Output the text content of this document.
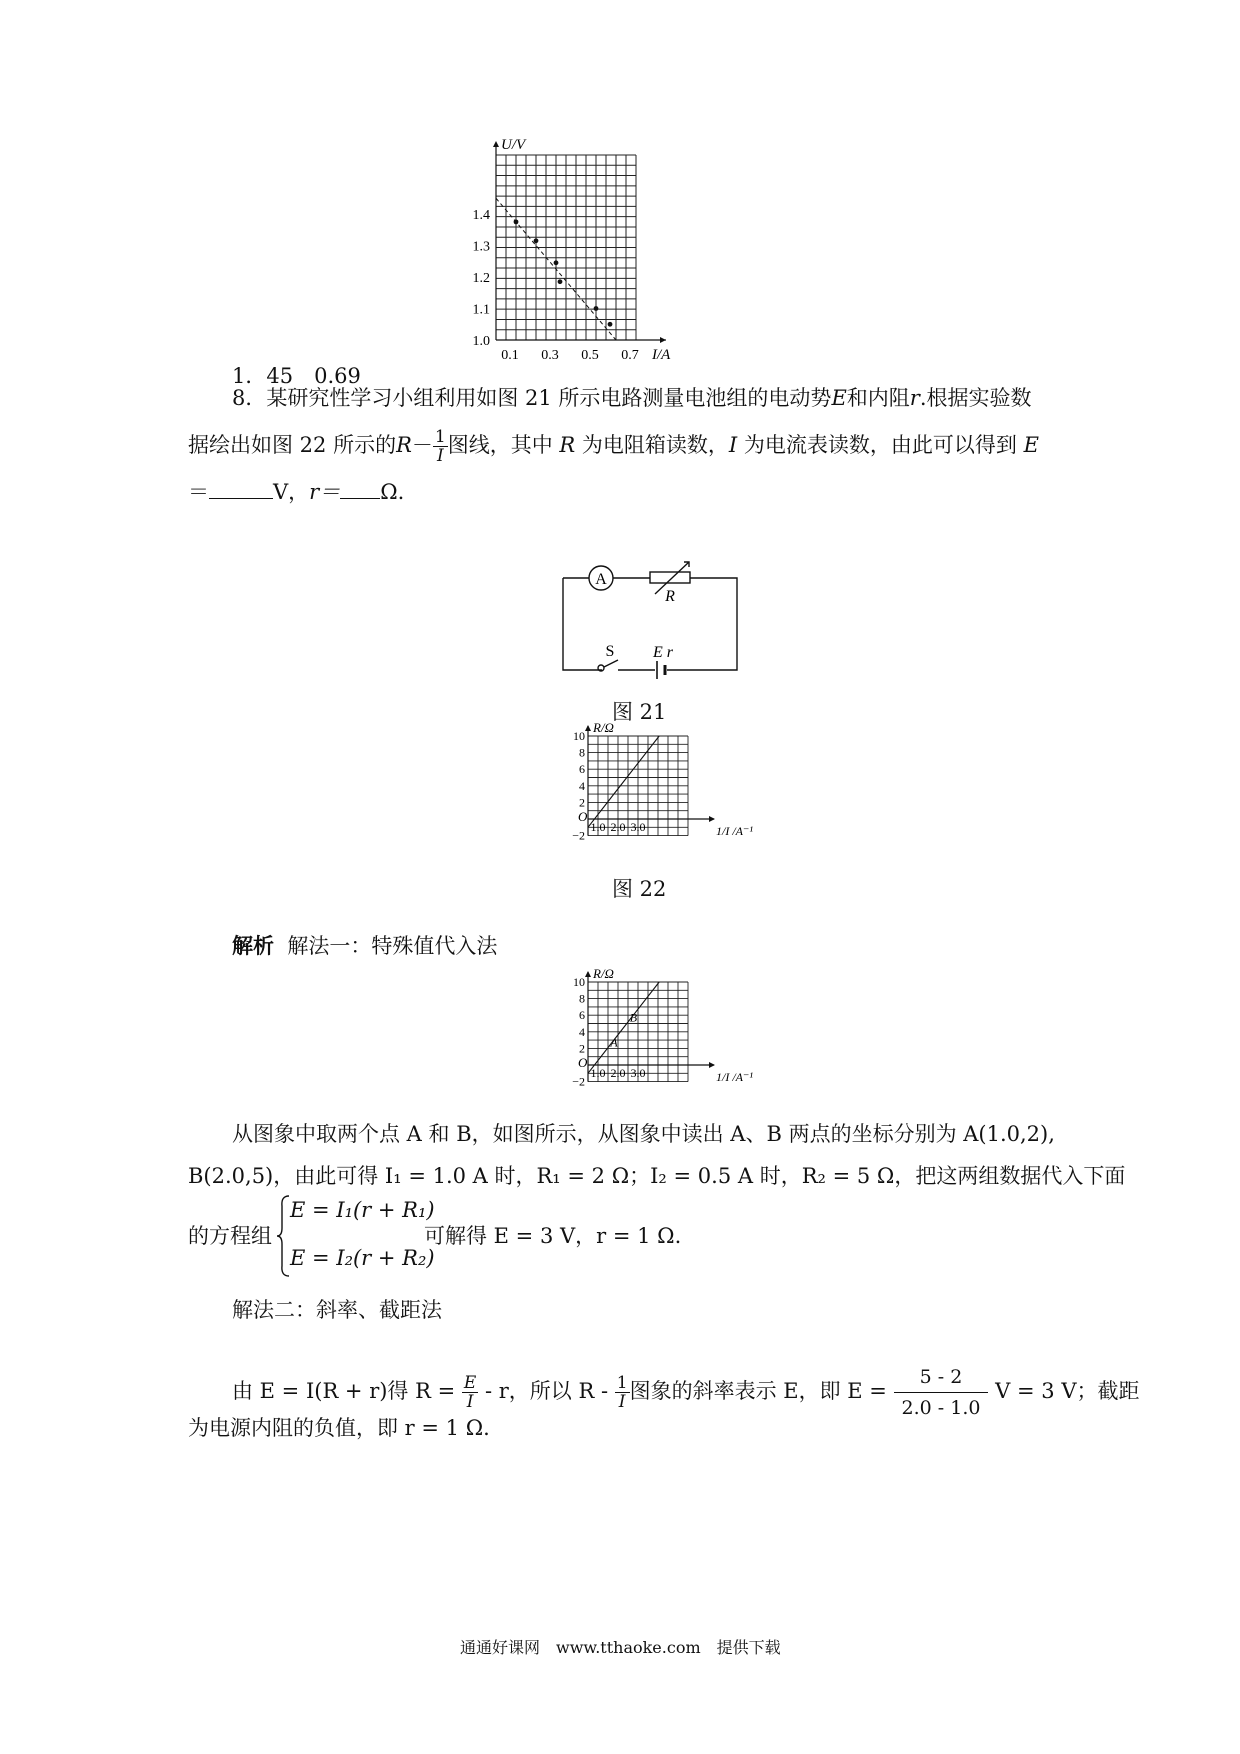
U/V
I/A
1.0
1.1
1.2
1.3
1.4
0.1 0.3 0.5 0.7
1．45　0.69
8．某研究性学习小组利用如图 21 所示电路测量电池组的电动势E和内阻r.根据实验数
据绘出如图 22 所示的$R- \frac{1}{I}$ 图线，其中 R 为电阻箱读数，I 为电流表读数，由此可以得到 E
＝	V，r＝ Ω.
A
R
S E r
图 21
R/Ω
O
10
8
6
4
2
−2
1.0 2.0 3.0	1/I /A⁻¹
图 22
解析 解法一：特殊值代入法
R/Ω
O
10
8
6
4
2
−2
1.0 2.0 3.0	1/I /A⁻¹
A
B
从图象中取两个点 A 和 B，如图所示，从图象中读出 A、B 两点的坐标分别为 A(1.0,2),
B(2.0,5)，由此可得 I₁ = 1.0 A 时，R₁ = 2 Ω；I₂ = 0.5 A 时，R₂ = 5 Ω，把这两组数据代入下面
的方程组
E = I₁(r + R₁)
E = I₂(r + R₂)
可解得 E = 3 V，r = 1 Ω.
解法二：斜率、截距法
由 E = I(R + r)得 $R = \frac{E}{I} - r$，所以 R - $\frac{1}{I}$ 图象的斜率表示 E，即 $E = \frac{5 - 2}{2.0 - 1.0}$ V = 3 V；截距
为电源内阻的负值，即 r = 1 Ω.
通通好课网　www.tthaoke.com　提供下载
